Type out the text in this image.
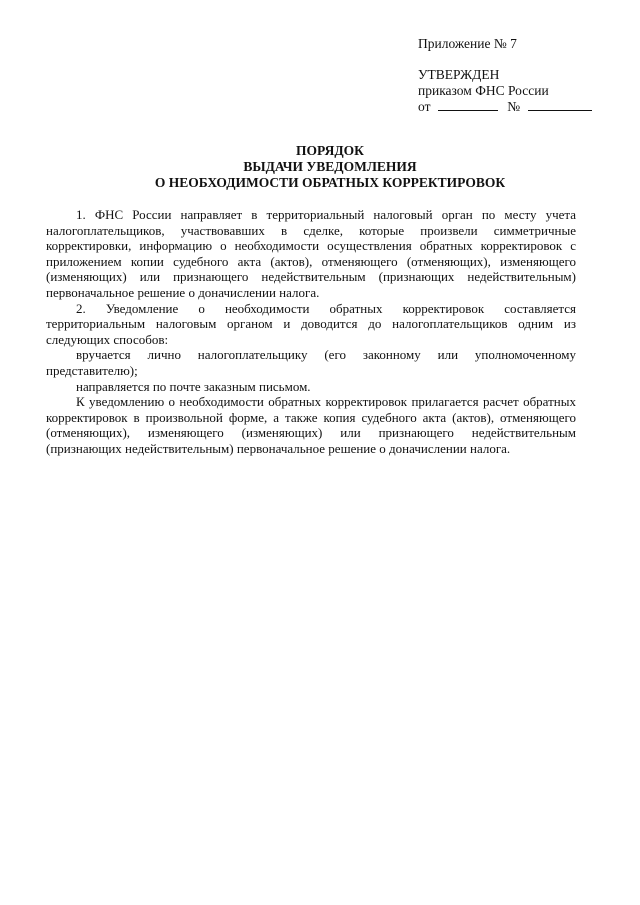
Приложение № 7
УТВЕРЖДЕН
приказом ФНС России
от	№
ПОРЯДОК
ВЫДАЧИ УВЕДОМЛЕНИЯ
О НЕОБХОДИМОСТИ ОБРАТНЫХ КОРРЕКТИРОВОК

1. ФНС России направляет в территориальный налоговый орган по месту учета налогоплательщиков, участвовавших в сделке, которые произвели симметричные корректировки, информацию о необходимости осуществления обратных корректировок с приложением копии судебного акта (актов), отменяющего (отменяющих), изменяющего (изменяющих) или признающего недействительным (признающих недействительным) первоначальное решение о доначислении налога.

2. Уведомление о необходимости обратных корректировок составляется территориальным налоговым органом и доводится до налогоплательщиков одним из следующих способов:

вручается лично налогоплательщику (его законному или уполномоченному представителю);

направляется по почте заказным письмом.

К уведомлению о необходимости обратных корректировок прилагается расчет обратных корректировок в произвольной форме, а также копия судебного акта (актов), отменяющего (отменяющих), изменяющего (изменяющих) или признающего недействительным (признающих недействительным) первоначальное решение о доначислении налога.
